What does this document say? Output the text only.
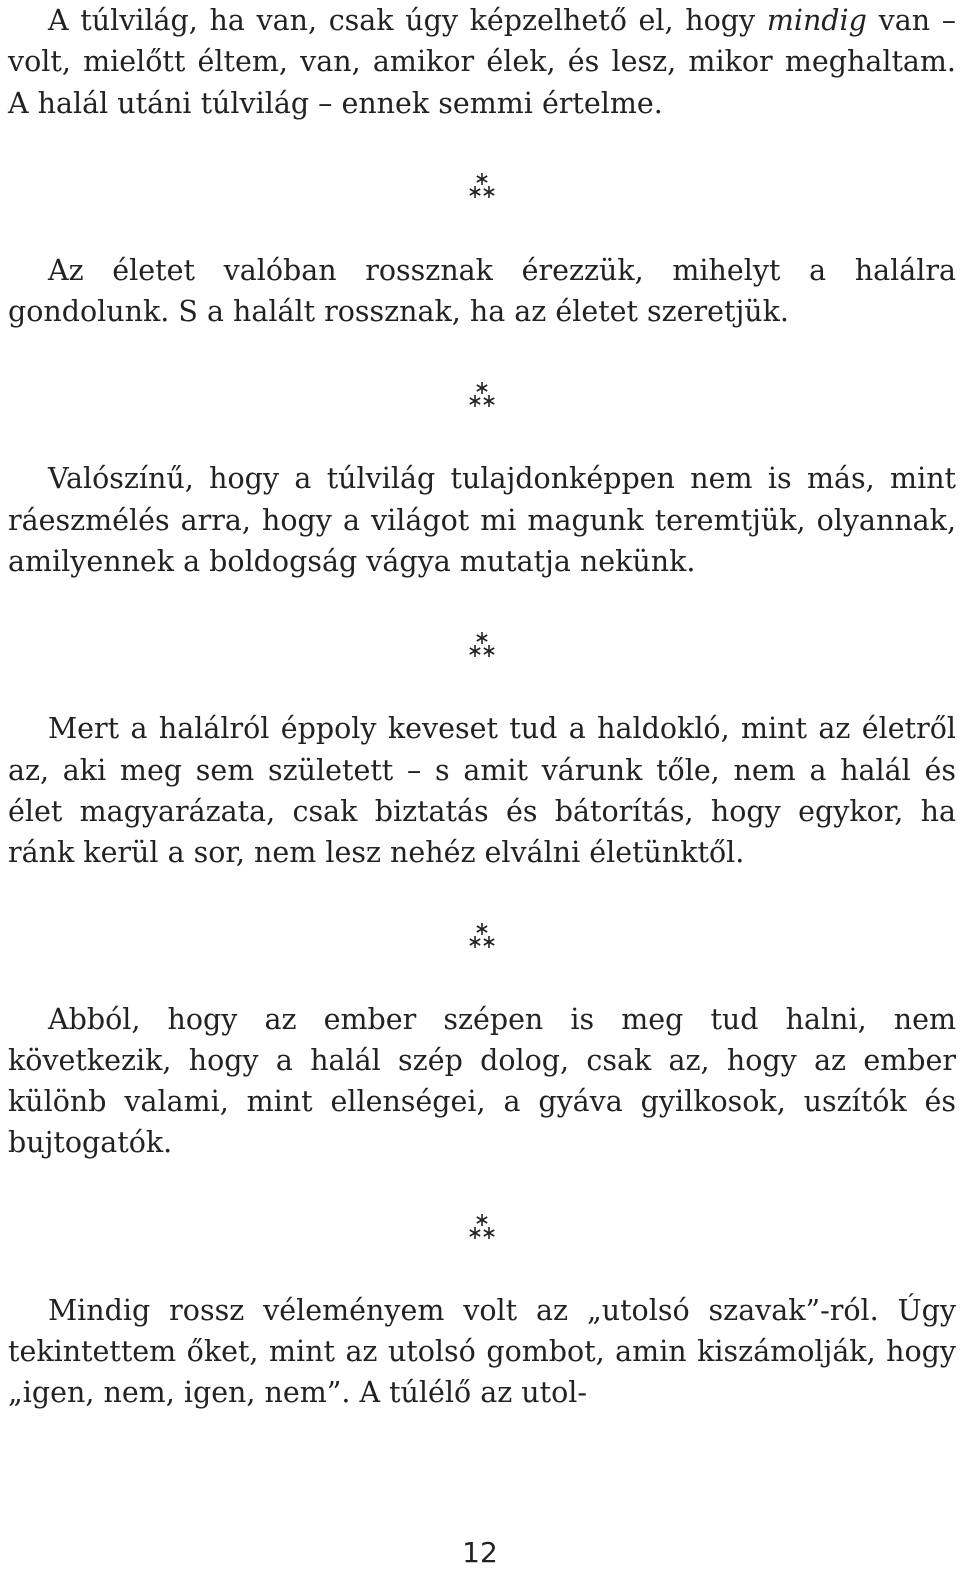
A túlvilág, ha van, csak úgy képzelhető el, hogy mindig van – volt, mielőtt éltem, van, amikor élek, és lesz, mikor meghaltam. A halál utáni túlvilág – ennek semmi értelme.

Az életet valóban rossznak érezzük, mihelyt a halálra gondolunk. S a halált rossznak, ha az életet szeretjük.

Valószínű, hogy a túlvilág tulajdonképpen nem is más, mint ráeszmélés arra, hogy a világot mi magunk teremtjük, olyannak, amilyennek a boldogság vágya mutatja nekünk.

Mert a halálról éppoly keveset tud a haldokló, mint az életről az, aki meg sem született – s amit várunk tőle, nem a halál és élet magyarázata, csak biztatás és bátorítás, hogy egykor, ha ránk kerül a sor, nem lesz nehéz elválni életünktől.

Abból, hogy az ember szépen is meg tud halni, nem következik, hogy a halál szép dolog, csak az, hogy az ember különb valami, mint ellenségei, a gyáva gyilkosok, uszítók és bujtogatók.

Mindig rossz véleményem volt az „utolsó szavak”-ról. Úgy tekintettem őket, mint az utolsó gombot, amin kiszámolják, hogy „igen, nem, igen, nem”. A túlélő az utol-

12
